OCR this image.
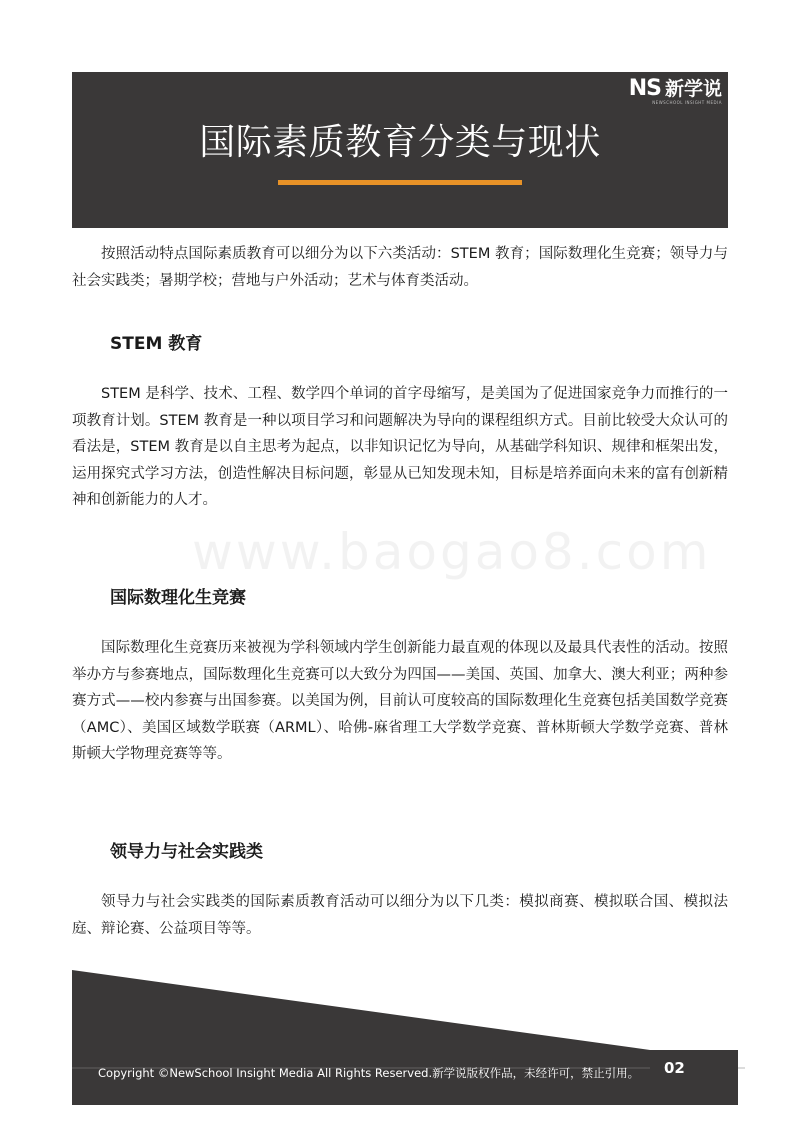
NS 新学说
NEWSCHOOL INSIGHT MEDIA
国际素质教育分类与现状

按照活动特点国际素质教育可以细分为以下六类活动：STEM 教育；国际数理化生竞赛；领导力与社会实践类；暑期学校；营地与户外活动；艺术与体育类活动。

STEM 教育

STEM 是科学、技术、工程、数学四个单词的首字母缩写，是美国为了促进国家竞争力而推行的一项教育计划。STEM 教育是一种以项目学习和问题解决为导向的课程组织方式。目前比较受大众认可的看法是，STEM 教育是以自主思考为起点，以非知识记忆为导向，从基础学科知识、规律和框架出发，运用探究式学习方法，创造性解决目标问题，彰显从已知发现未知，目标是培养面向未来的富有创新精神和创新能力的人才。

国际数理化生竞赛

国际数理化生竞赛历来被视为学科领域内学生创新能力最直观的体现以及最具代表性的活动。按照举办方与参赛地点，国际数理化生竞赛可以大致分为四国——美国、英国、加拿大、澳大利亚；两种参赛方式——校内参赛与出国参赛。以美国为例，目前认可度较高的国际数理化生竞赛包括美国数学竞赛（AMC）、美国区域数学联赛（ARML）、哈佛-麻省理工大学数学竞赛、普林斯顿大学数学竞赛、普林斯顿大学物理竞赛等等。

领导力与社会实践类

领导力与社会实践类的国际素质教育活动可以细分为以下几类：模拟商赛、模拟联合国、模拟法庭、辩论赛、公益项目等等。

www.baogao8.com
Copyright ©NewSchool Insight Media All Rights Reserved.新学说版权作品，未经许可，禁止引用。 02
